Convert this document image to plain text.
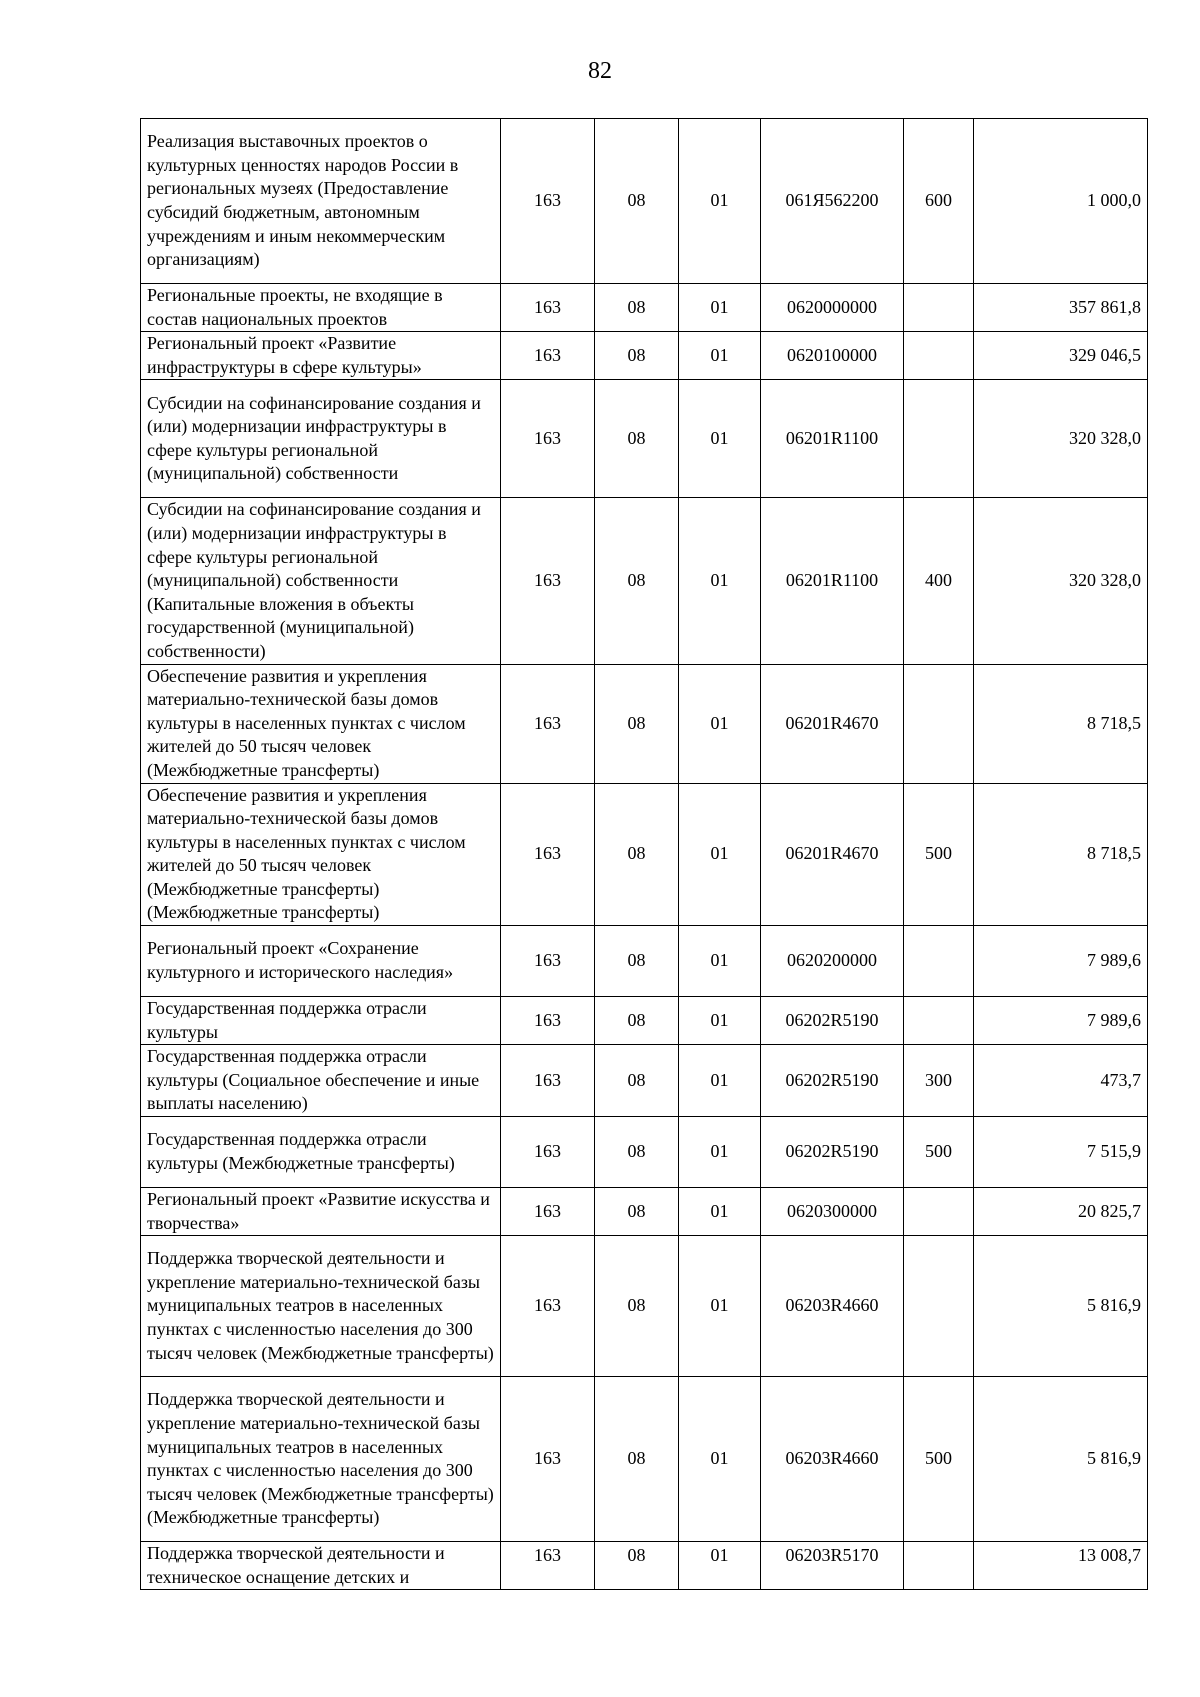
82
Реализация выставочных проектов о культурных ценностях народов России в региональных музеях (Предоставление субсидий бюджетным, автономным учреждениям и иным некоммерческим организациям)	163	08	01	061Я562200	600	1 000,0

Региональные проекты, не входящие в состав национальных проектов	163	08	01	0620000000		357 861,8

Региональный проект «Развитие инфраструктуры в сфере культуры»	163	08	01	0620100000		329 046,5

Субсидии на софинансирование создания и (или) модернизации инфраструктуры в сфере культуры региональной (муниципальной) собственности	163	08	01	06201R1100		320 328,0

Субсидии на софинансирование создания и (или) модернизации инфраструктуры в сфере культуры региональной (муниципальной) собственности (Капитальные вложения в объекты государственной (муниципальной) собственности)	163	08	01	06201R1100	400	320 328,0

Обеспечение развития и укрепления материально-технической базы домов культуры в населенных пунктах с числом жителей до 50 тысяч человек (Межбюджетные трансферты)	163	08	01	06201R4670		8 718,5

Обеспечение развития и укрепления материально-технической базы домов культуры в населенных пунктах с числом жителей до 50 тысяч человек (Межбюджетные трансферты) (Межбюджетные трансферты)	163	08	01	06201R4670	500	8 718,5

Региональный проект «Сохранение культурного и исторического наследия»	163	08	01	0620200000		7 989,6

Государственная поддержка отрасли культуры	163	08	01	06202R5190		7 989,6

Государственная поддержка отрасли культуры (Социальное обеспечение и иные выплаты населению)	163	08	01	06202R5190	300	473,7

Государственная поддержка отрасли культуры (Межбюджетные трансферты)	163	08	01	06202R5190	500	7 515,9

Региональный проект «Развитие искусства и творчества»	163	08	01	0620300000		20 825,7

Поддержка творческой деятельности и укрепление материально-технической базы муниципальных театров в населенных пунктах с численностью населения до 300 тысяч человек (Межбюджетные трансферты)	163	08	01	06203R4660		5 816,9

Поддержка творческой деятельности и укрепление материально-технической базы муниципальных театров в населенных пунктах с численностью населения до 300 тысяч человек (Межбюджетные трансферты) (Межбюджетные трансферты)	163	08	01	06203R4660	500	5 816,9

Поддержка творческой деятельности и техническое оснащение детских и	163	08	01	06203R5170		13 008,7
